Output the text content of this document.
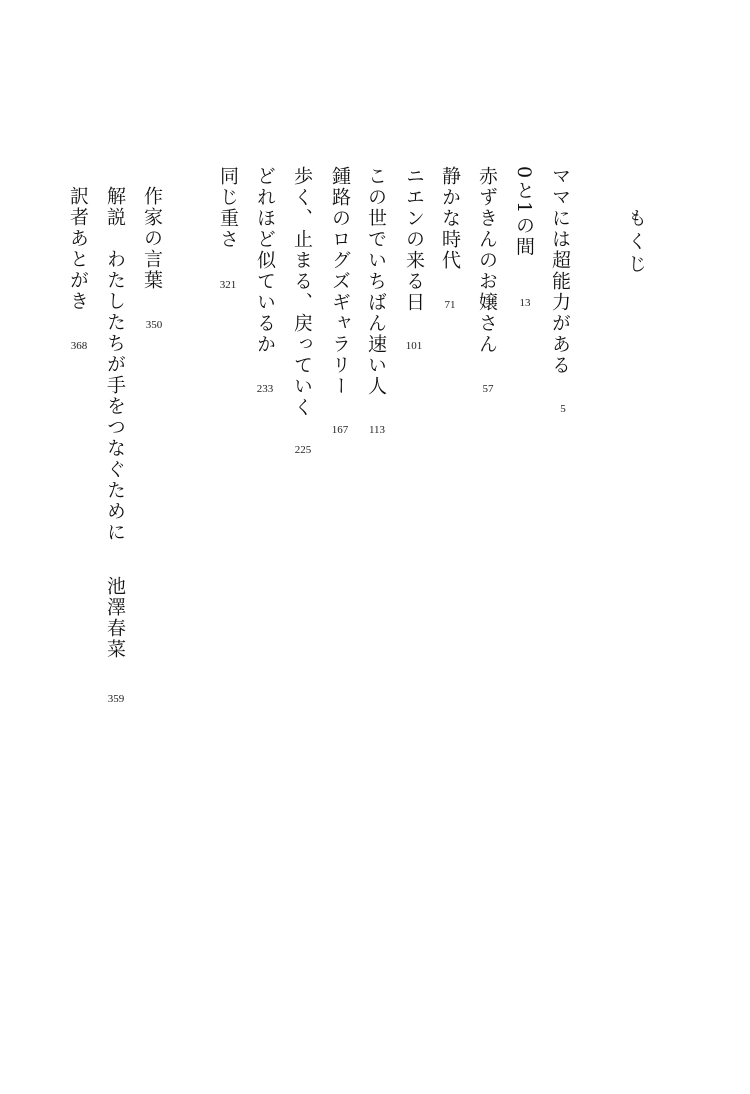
もくじ
ママには超能力がある
5
0と1の間
13
赤ずきんのお嬢さん
57
静かな時代
71
ニエンの来る日
101
この世でいちばん速い人
113
鍾路のログズギャラリー
167
歩く、止まる、戻っていく
225
どれほど似ているか
233
同じ重さ
321
作家の言葉
350
解説　わたしたちが手をつなぐために
池澤春菜
359
訳者あとがき
368
